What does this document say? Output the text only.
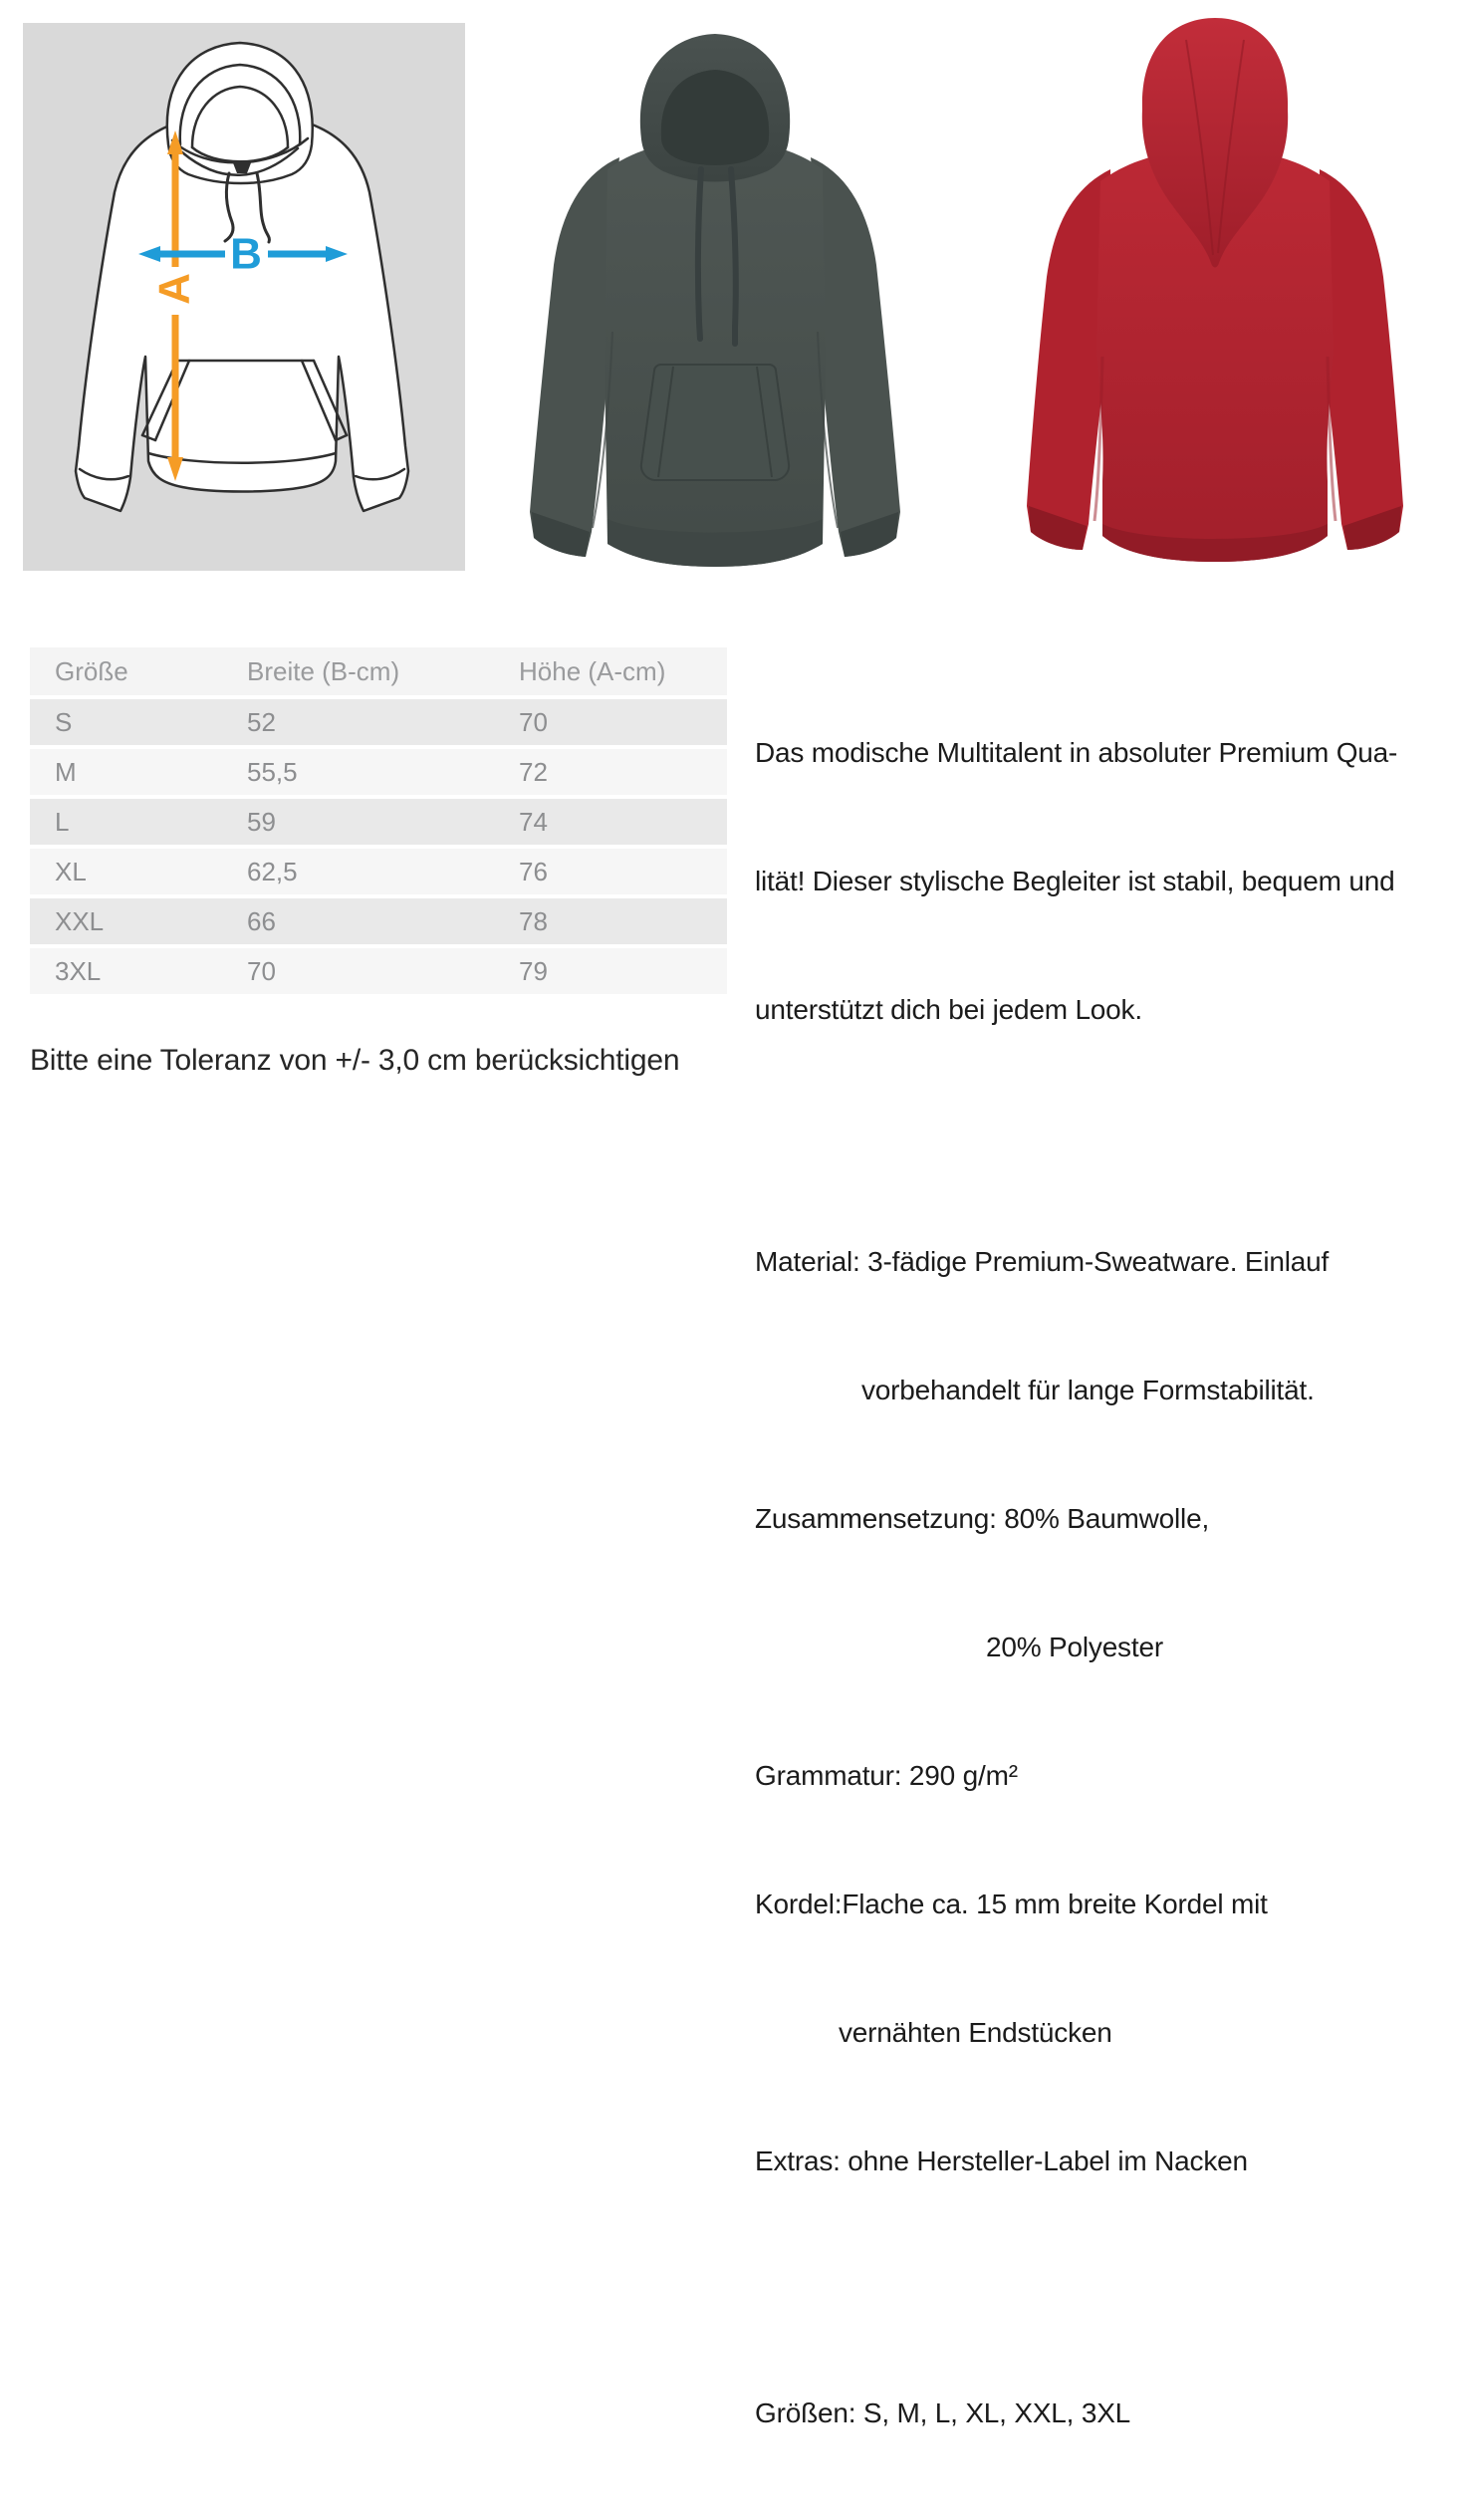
A
B
Größe	Breite (B-cm)	Höhe (A-cm)
S	52	70
M	55,5	72
L	59	74
XL	62,5	76
XXL	66	78
3XL	70	79
Bitte eine Toleranz von +/- 3,0 cm berücksichtigen

Das modische Multitalent in absoluter Premium Qua-

lität! Dieser stylische Begleiter ist stabil, bequem und

unterstützt dich bei jedem Look.

Material: 3-fädige Premium-Sweatware. Einlauf

vorbehandelt für lange Formstabilität.

Zusammensetzung: 80% Baumwolle,

20% Polyester

Grammatur: 290 g/m²

Kordel:Flache ca. 15 mm breite Kordel mit

vernähten Endstücken

Extras: ohne Hersteller-Label im Nacken

Größen: S, M, L, XL, XXL, 3XL
